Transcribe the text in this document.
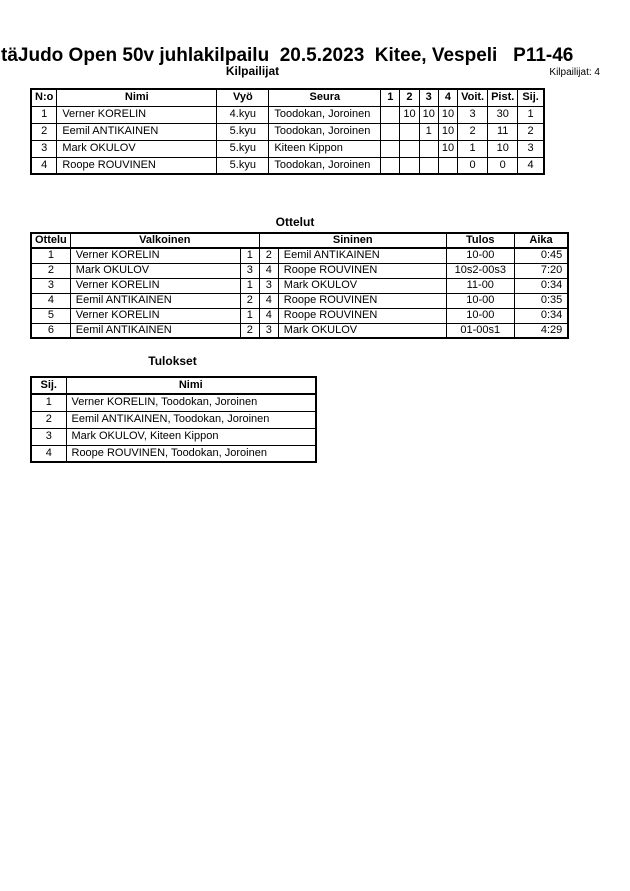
täJudo Open 50v juhlakilpailu  20.5.2023  Kitee, Vespeli   P11-46
Kilpailijat	Kilpailijat: 4
N:o	Nimi	Vyö	Seura	1	2	3	4	Voit.	Pist.	Sij.
1	Verner KORELIN	4.kyu	Toodokan, Joroinen		10	10	10	3	30	1
2	Eemil ANTIKAINEN	5.kyu	Toodokan, Joroinen			1	10	2	11	2
3	Mark OKULOV	5.kyu	Kiteen Kippon				10	1	10	3
4	Roope ROUVINEN	5.kyu	Toodokan, Joroinen					0	0	4
Ottelut
Ottelu	Valkoinen		Sininen		Tulos	Aika
1	Verner KORELIN	1	2	Eemil ANTIKAINEN	10-00	0:45
2	Mark OKULOV	3	4	Roope ROUVINEN	10s2-00s3	7:20
3	Verner KORELIN	1	3	Mark OKULOV	11-00	0:34
4	Eemil ANTIKAINEN	2	4	Roope ROUVINEN	10-00	0:35
5	Verner KORELIN	1	4	Roope ROUVINEN	10-00	0:34
6	Eemil ANTIKAINEN	2	3	Mark OKULOV	01-00s1	4:29
Tulokset
Sij.	Nimi
1	Verner KORELIN, Toodokan, Joroinen
2	Eemil ANTIKAINEN, Toodokan, Joroinen
3	Mark OKULOV, Kiteen Kippon
4	Roope ROUVINEN, Toodokan, Joroinen
